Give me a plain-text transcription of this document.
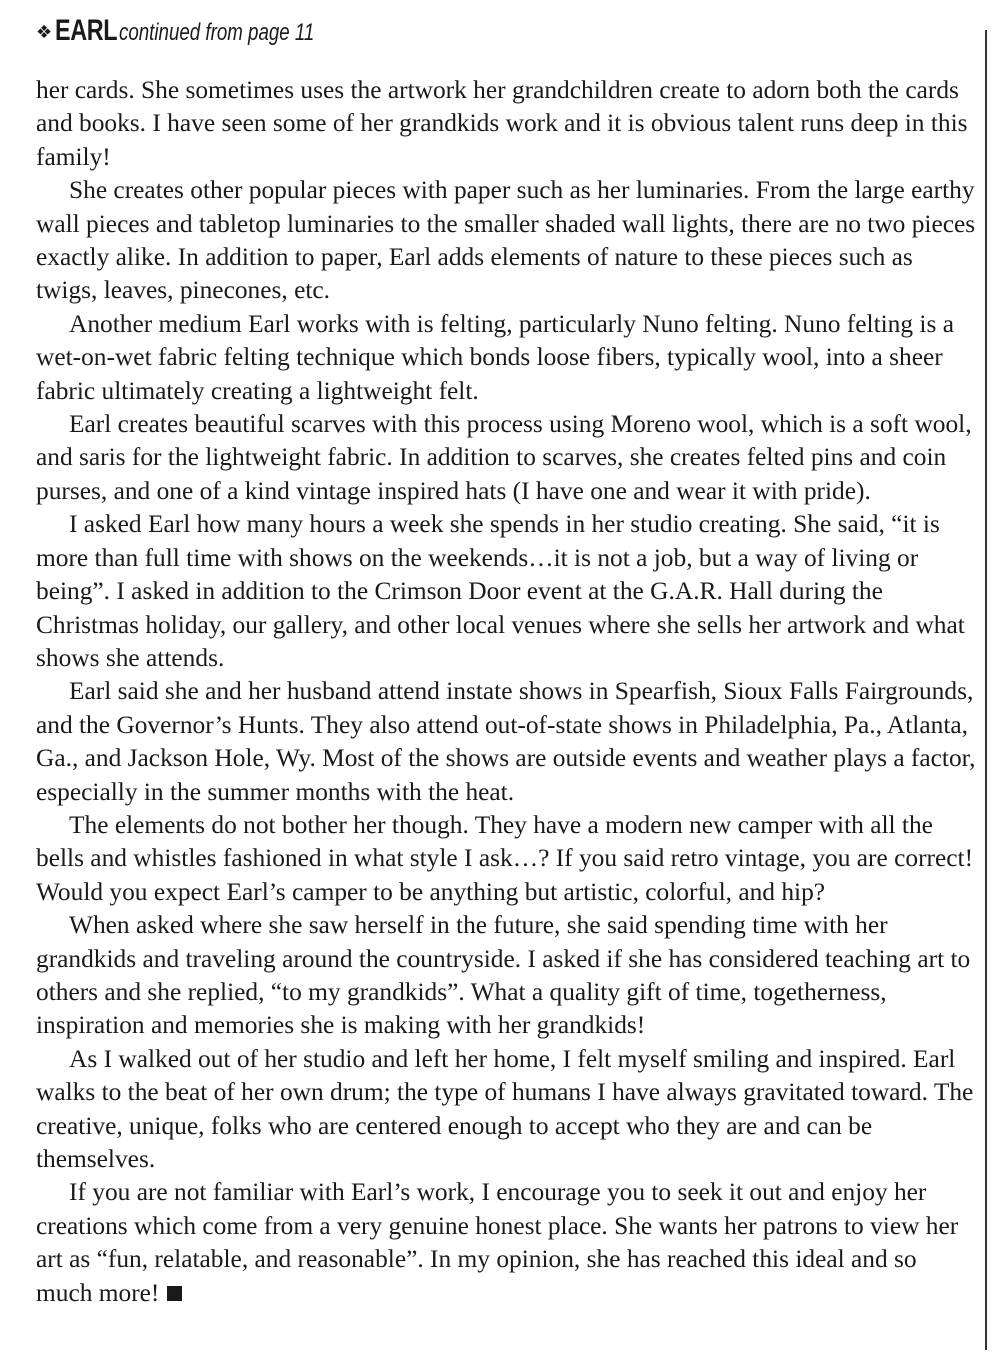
❖ EARL continued from page 11

her cards. She sometimes uses the artwork her grandchildren create to adorn both the cards and books. I have seen some of her grandkids work and it is obvious talent runs deep in this family!

She creates other popular pieces with paper such as her luminaries. From the large earthy wall pieces and tabletop luminaries to the smaller shaded wall lights, there are no two pieces exactly alike. In addition to paper, Earl adds elements of nature to these pieces such as twigs, leaves, pinecones, etc.

Another medium Earl works with is felting, particularly Nuno felting. Nuno felting is a wet-on-wet fabric felting technique which bonds loose fibers, typically wool, into a sheer fabric ultimately creating a lightweight felt.

Earl creates beautiful scarves with this process using Moreno wool, which is a soft wool, and saris for the lightweight fabric. In addition to scarves, she creates felted pins and coin purses, and one of a kind vintage inspired hats (I have one and wear it with pride).

I asked Earl how many hours a week she spends in her studio creating. She said, “it is more than full time with shows on the weekends…it is not a job, but a way of living or being”. I asked in addition to the Crimson Door event at the G.A.R. Hall during the Christmas holiday, our gallery, and other local venues where she sells her artwork and what shows she attends.

Earl said she and her husband attend instate shows in Spearfish, Sioux Falls Fairgrounds, and the Governor’s Hunts. They also attend out-of-state shows in Philadelphia, Pa., Atlanta, Ga., and Jackson Hole, Wy. Most of the shows are outside events and weather plays a factor, especially in the summer months with the heat.

The elements do not bother her though. They have a modern new camper with all the bells and whistles fashioned in what style I ask…? If you said retro vintage, you are correct! Would you expect Earl’s camper to be anything but artistic, colorful, and hip?

When asked where she saw herself in the future, she said spending time with her grandkids and traveling around the countryside. I asked if she has considered teaching art to others and she replied, “to my grandkids”. What a quality gift of time, togetherness, inspiration and memories she is making with her grandkids!

As I walked out of her studio and left her home, I felt myself smiling and inspired. Earl walks to the beat of her own drum; the type of humans I have always gravitated toward. The creative, unique, folks who are centered enough to accept who they are and can be themselves.

If you are not familiar with Earl’s work, I encourage you to seek it out and enjoy her creations which come from a very genuine honest place. She wants her patrons to view her art as “fun, relatable, and reasonable”. In my opinion, she has reached this ideal and so much more!
